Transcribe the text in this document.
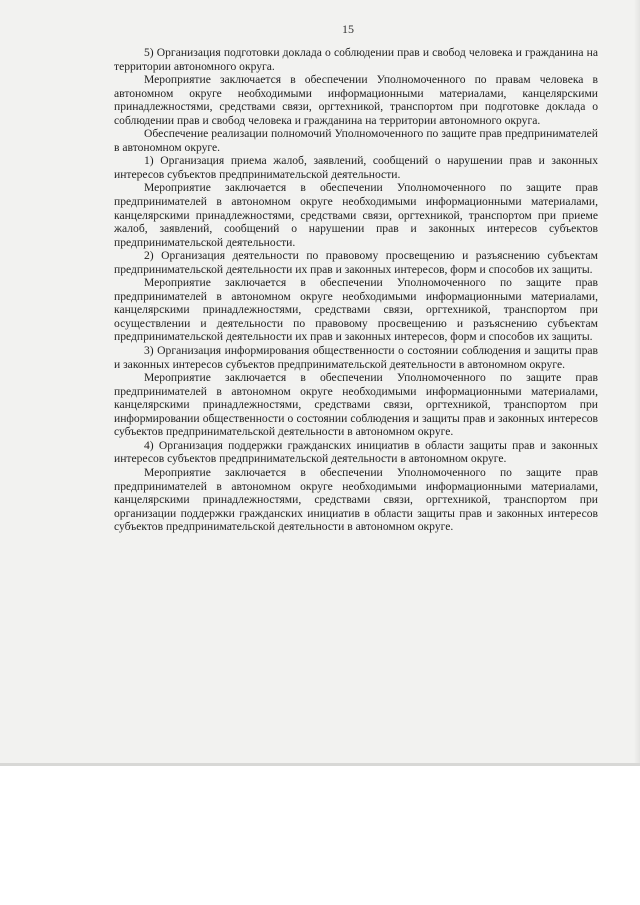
15

5) Организация подготовки доклада о соблюдении прав и свобод человека и гражданина на территории автономного округа.

Мероприятие заключается в обеспечении Уполномоченного по правам человека в автономном округе необходимыми информационными материалами, канцелярскими принадлежностями, средствами связи, оргтехникой, транспортом при подготовке доклада о соблюдении прав и свобод человека и гражданина на территории автономного округа.

Обеспечение реализации полномочий Уполномоченного по защите прав предпринимателей в автономном округе.

1) Организация приема жалоб, заявлений, сообщений о нарушении прав и законных интересов субъектов предпринимательской деятельности.

Мероприятие заключается в обеспечении Уполномоченного по защите прав предпринимателей в автономном округе необходимыми информационными материалами, канцелярскими принадлежностями, средствами связи, оргтехникой, транспортом при приеме жалоб, заявлений, сообщений о нарушении прав и законных интересов субъектов предпринимательской деятельности.

2) Организация деятельности по правовому просвещению и разъяснению субъектам предпринимательской деятельности их прав и законных интересов, форм и способов их защиты.

Мероприятие заключается в обеспечении Уполномоченного по защите прав предпринимателей в автономном округе необходимыми информационными материалами, канцелярскими принадлежностями, средствами связи, оргтехникой, транспортом при осуществлении и деятельности по правовому просвещению и разъяснению субъектам предпринимательской деятельности их прав и законных интересов, форм и способов их защиты.

3) Организация информирования общественности о состоянии соблюдения и защиты прав и законных интересов субъектов предпринимательской деятельности в автономном округе.

Мероприятие заключается в обеспечении Уполномоченного по защите прав предпринимателей в автономном округе необходимыми информационными материалами, канцелярскими принадлежностями, средствами связи, оргтехникой, транспортом при информировании общественности о состоянии соблюдения и защиты прав и законных интересов субъектов предпринимательской деятельности в автономном округе.

4) Организация поддержки гражданских инициатив в области защиты прав и законных интересов субъектов предпринимательской деятельности в автономном округе.

Мероприятие заключается в обеспечении Уполномоченного по защите прав предпринимателей в автономном округе необходимыми информационными материалами, канцелярскими принадлежностями, средствами связи, оргтехникой, транспортом при организации поддержки гражданских инициатив в области защиты прав и законных интересов субъектов предпринимательской деятельности в автономном округе.
